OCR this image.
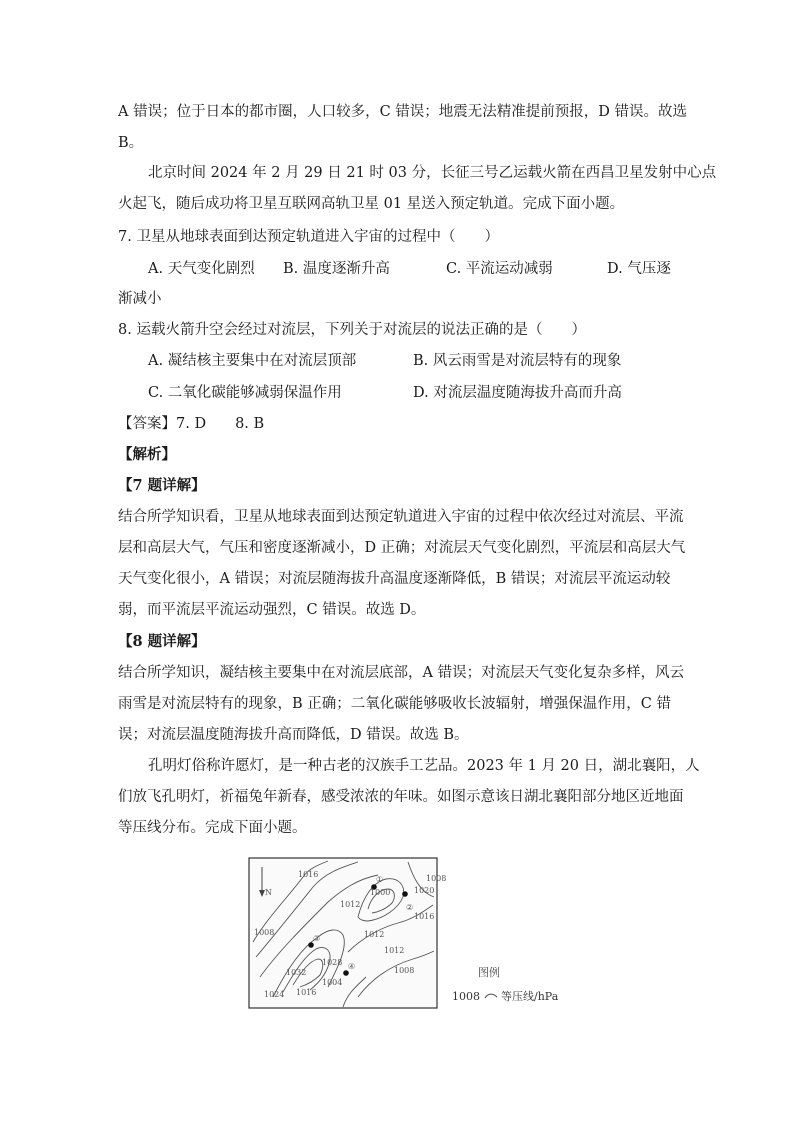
A 错误；位于日本的都市圈，人口较多，C 错误；地震无法精准提前预报，D 错误。故选
B。
北京时间 2024 年 2 月 29 日 21 时 03 分，长征三号乙运载火箭在西昌卫星发射中心点
火起飞，随后成功将卫星互联网高轨卫星 01 星送入预定轨道。完成下面小题。
7. 卫星从地球表面到达预定轨道进入宇宙的过程中（　　）
A. 天气变化剧烈 B. 温度逐渐升高	C. 平流运动减弱	D. 气压逐
渐减小
8. 运载火箭升空会经过对流层，下列关于对流层的说法正确的是（　　）
A. 凝结核主要集中在对流层顶部	B. 风云雨雪是对流层特有的现象
C. 二氧化碳能够减弱保温作用	D. 对流层温度随海拔升高而升高
【答案】7. D　　8. B
【解析】
【7 题详解】
结合所学知识看，卫星从地球表面到达预定轨道进入宇宙的过程中依次经过对流层、平流
层和高层大气，气压和密度逐渐减小，D 正确；对流层天气变化剧烈，平流层和高层大气
天气变化很小，A 错误；对流层随海拔升高温度逐渐降低，B 错误；对流层平流运动较
弱，而平流层平流运动强烈，C 错误。故选 D。
【8 题详解】
结合所学知识，凝结核主要集中在对流层底部，A 错误；对流层天气变化复杂多样，风云
雨雪是对流层特有的现象，B 正确；二氧化碳能够吸收长波辐射，增强保温作用，C 错
误；对流层温度随海拔升高而降低，D 错误。故选 B。
孔明灯俗称许愿灯，是一种古老的汉族手工艺品。2023 年 1 月 20 日，湖北襄阳，人
们放飞孔明灯，祈福兔年新春，感受浓浓的年味。如图示意该日湖北襄阳部分地区近地面
等压线分布。完成下面小题。
N
①
②
③
④
1016
1008
1012
1000	1020
1016
1012
1012
1008
1032
1028
1024 1016
1004
1008
图例
1008 等压线/hPa
